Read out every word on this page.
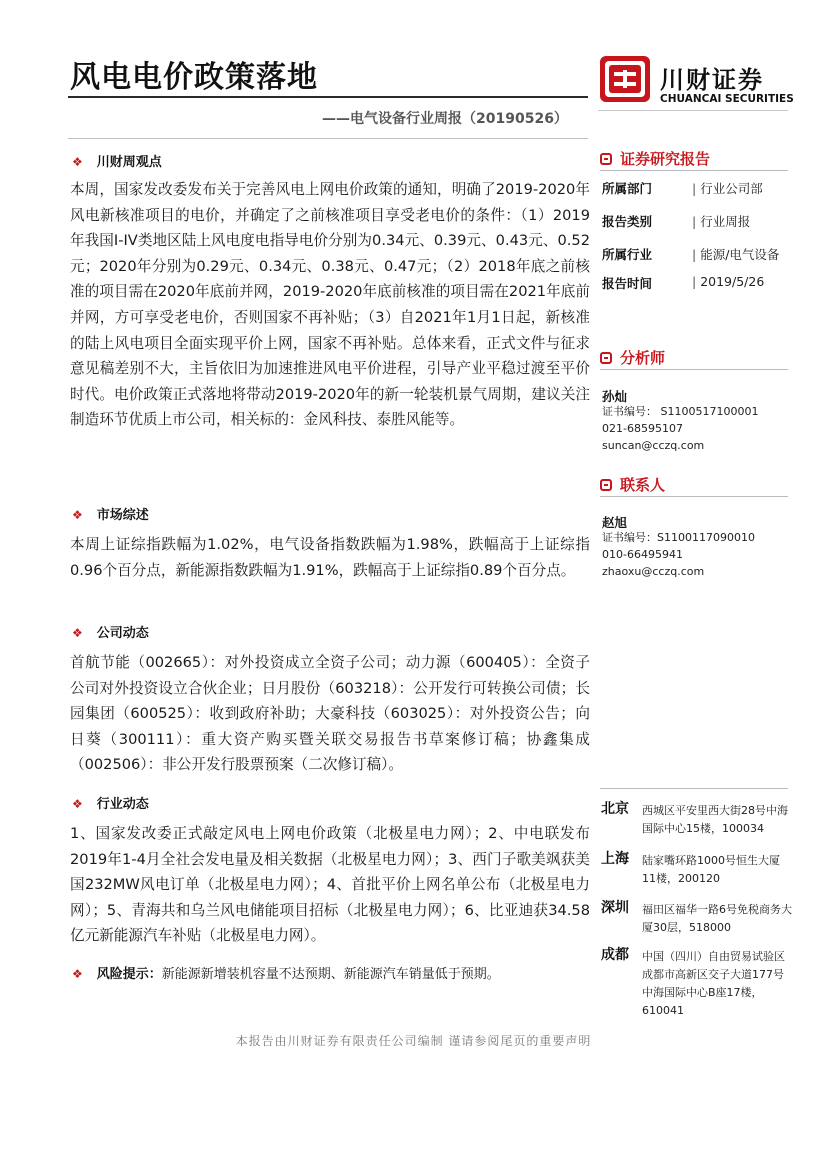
风电电价政策落地
——电气设备行业周报（20190526）
川财证券
CHUANCAI SECURITIES
❖ 川财周观点
本周，国家发改委发布关于完善风电上网电价政策的通知，明确了2019-2020年风电新核准项目的电价，并确定了之前核准项目享受老电价的条件：（1）2019年我国I-IV类地区陆上风电度电指导电价分别为0.34元、0.39元、0.43元、0.52元；2020年分别为0.29元、0.34元、0.38元、0.47元；（2）2018年底之前核准的项目需在2020年底前并网，2019-2020年底前核准的项目需在2021年底前并网，方可享受老电价，否则国家不再补贴；（3）自2021年1月1日起，新核准的陆上风电项目全面实现平价上网，国家不再补贴。总体来看，正式文件与征求意见稿差别不大，主旨依旧为加速推进风电平价进程，引导产业平稳过渡至平价时代。电价政策正式落地将带动2019-2020年的新一轮装机景气周期，建议关注制造环节优质上市公司，相关标的：金风科技、泰胜风能等。
❖ 市场综述
本周上证综指跌幅为1.02%，电气设备指数跌幅为1.98%，跌幅高于上证综指0.96个百分点，新能源指数跌幅为1.91%，跌幅高于上证综指0.89个百分点。
❖ 公司动态
首航节能（002665）：对外投资成立全资子公司；动力源（600405）：全资子公司对外投资设立合伙企业；日月股份（603218）：公开发行可转换公司债；长园集团（600525）：收到政府补助；大豪科技（603025）：对外投资公告；向日葵（300111）：重大资产购买暨关联交易报告书草案修订稿；协鑫集成（002506）：非公开发行股票预案（二次修订稿）。
❖ 行业动态
1、国家发改委正式敲定风电上网电价政策（北极星电力网）；2、中电联发布2019年1-4月全社会发电量及相关数据（北极星电力网）；3、西门子歌美飒获美国232MW风电订单（北极星电力网）；4、首批平价上网名单公布（北极星电力网）；5、青海共和乌兰风电储能项目招标（北极星电力网）；6、比亚迪获34.58亿元新能源汽车补贴（北极星电力网）。
❖ 风险提示：新能源新增装机容量不达预期、新能源汽车销量低于预期。
证券研究报告
所属部门	| 行业公司部
报告类别	| 行业周报
所属行业	| 能源/电气设备
报告时间	| 2019/5/26
分析师
孙灿
证书编号： S1100517100001
021-68595107
suncan@cczq.com
联系人
赵旭
证书编号：S1100117090010
010-66495941
zhaoxu@cczq.com
北京 西城区平安里西大街28号中海国际中心15楼，100034
上海 陆家嘴环路1000号恒生大厦11楼，200120
深圳 福田区福华一路6号免税商务大厦30层，518000
成都 中国（四川）自由贸易试验区成都市高新区交子大道177号中海国际中心B座17楼，610041
本报告由川财证券有限责任公司编制 谨请参阅尾页的重要声明
